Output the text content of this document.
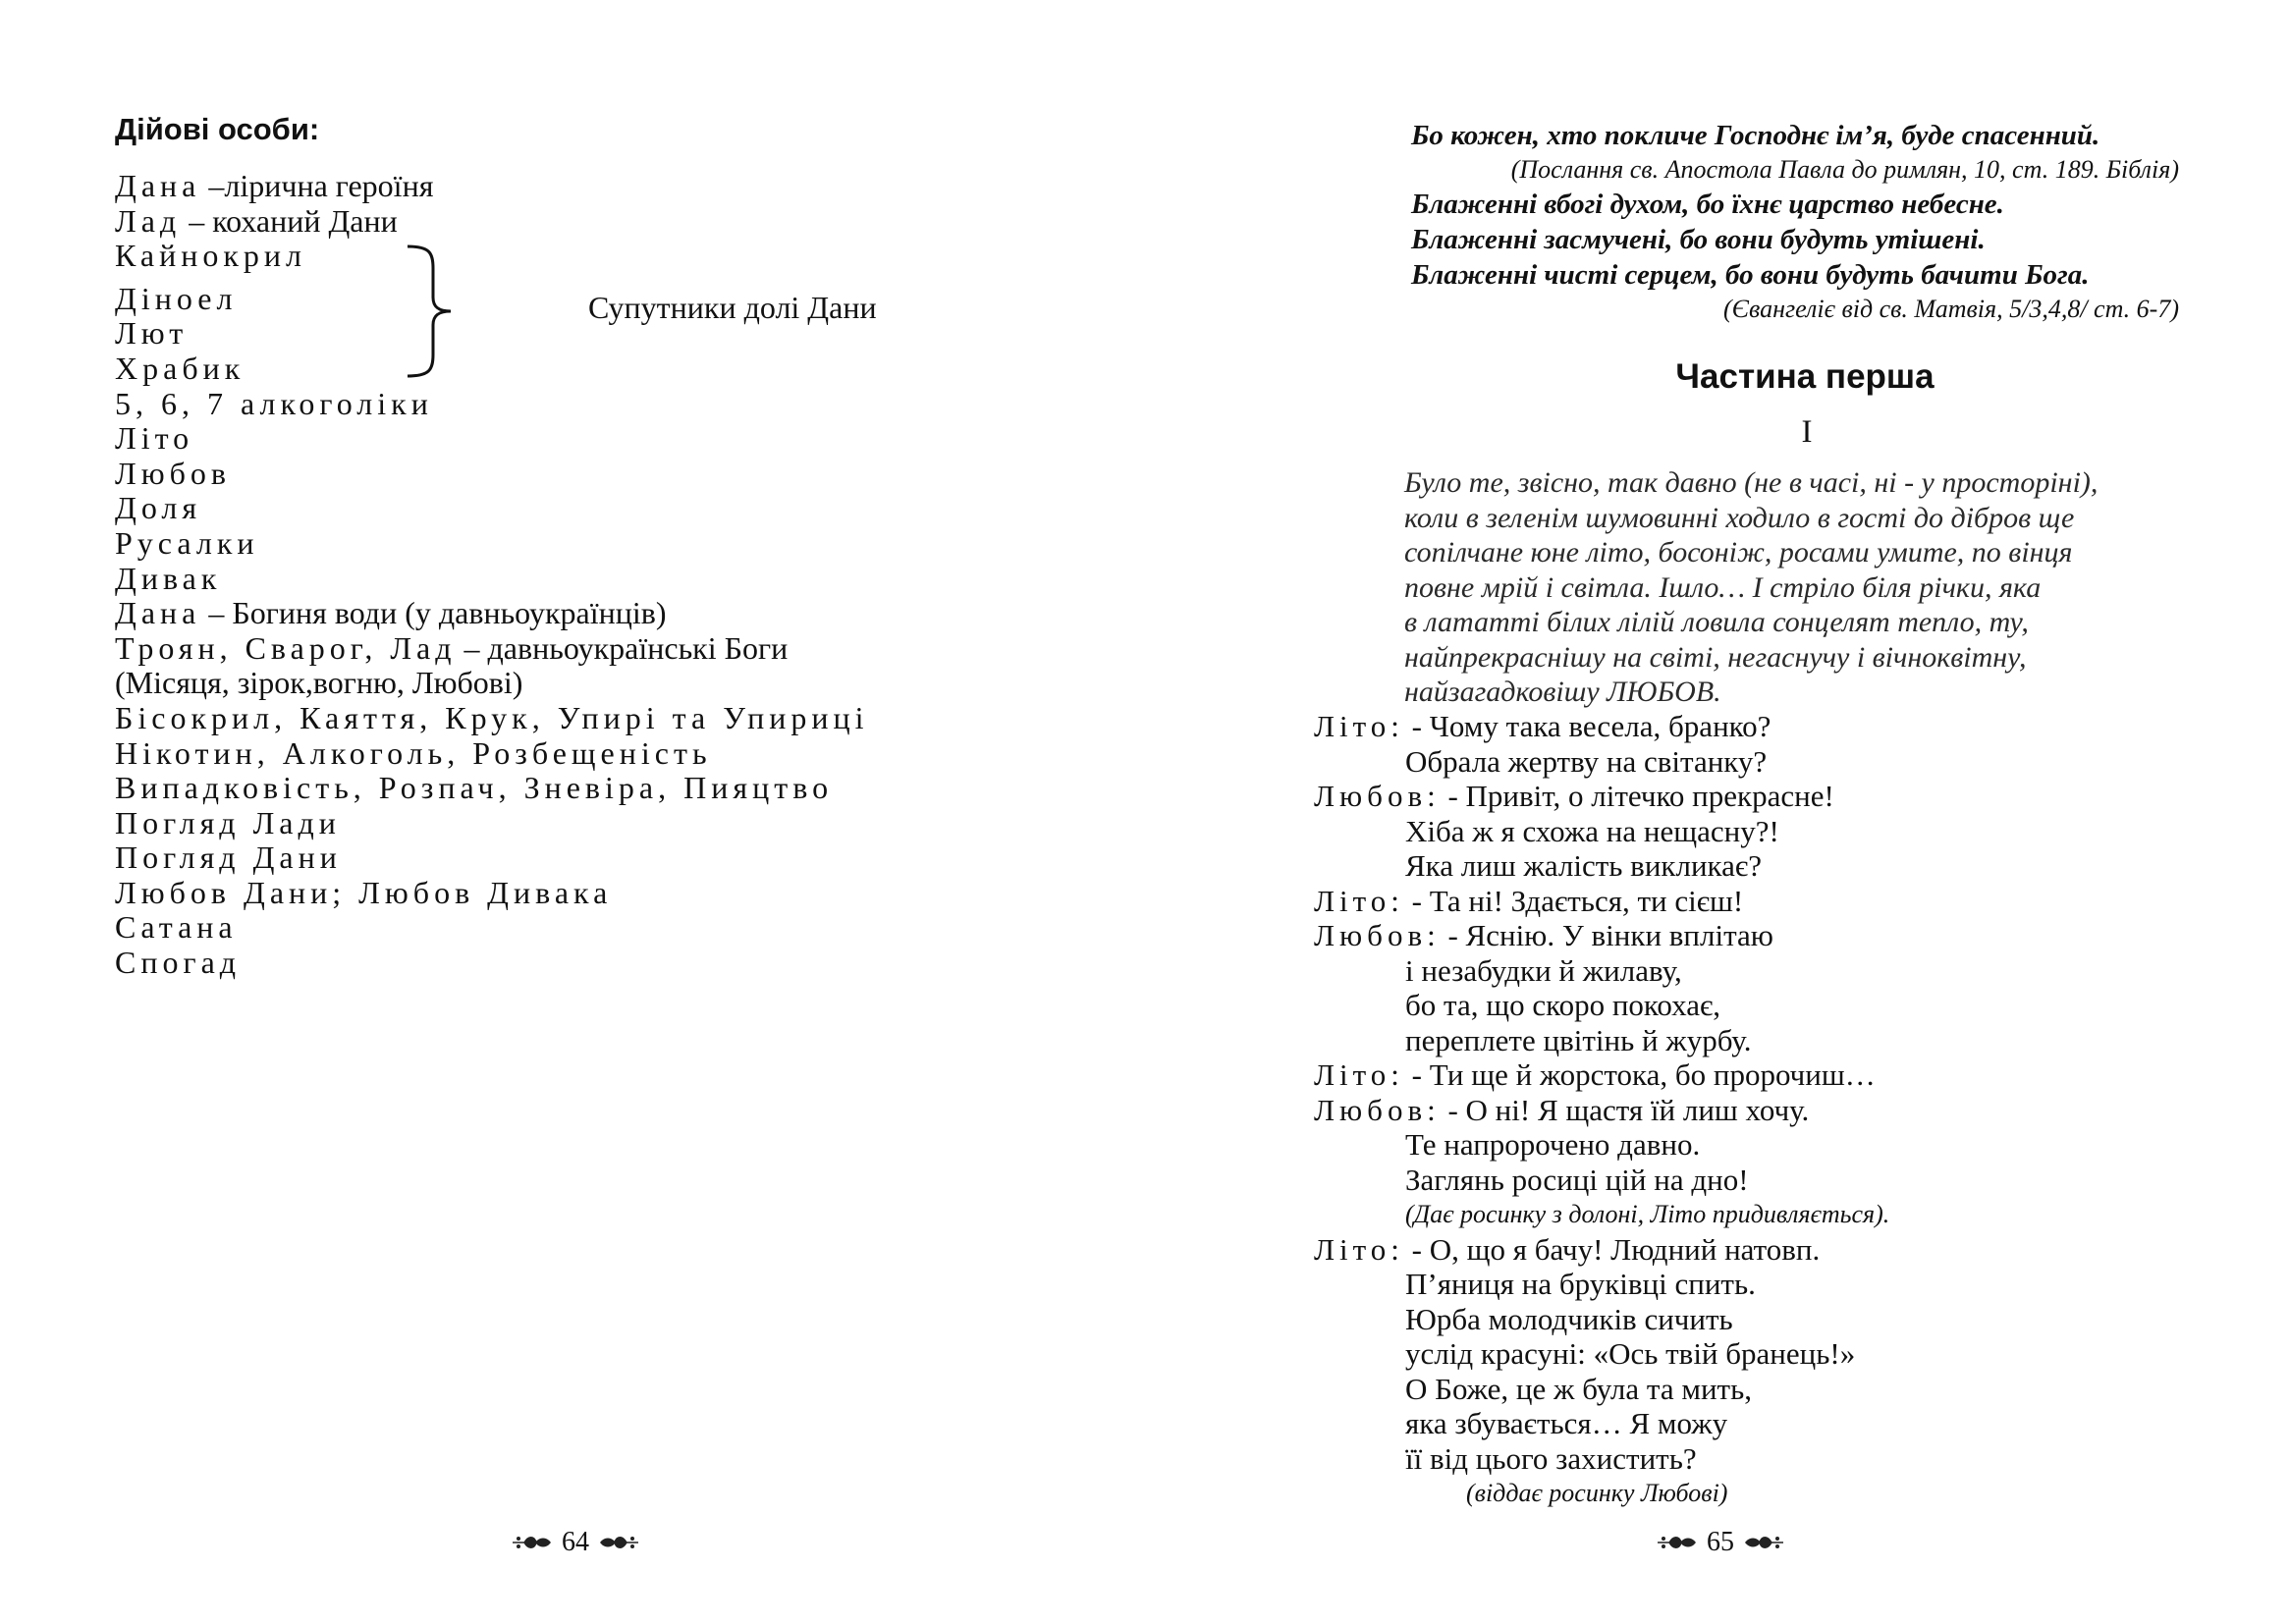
Дійові особи:
Дана –лірична героїня
Лад – коханий Дани
Кайнокрил
Діноел
Лют
Храбик
Супутники долі Дани
5, 6, 7 алкоголіки
Літо
Любов
Доля
Русалки
Дивак
Дана – Богиня води (у давньоукраїнців)
Троян, Сварог, Лад – давньоукраїнські Боги
(Місяця, зірок,вогню, Любові)
Бісокрил, Каяття, Крук, Упирі та Упириці
Нікотин, Алкоголь, Розбещеність
Випадковість, Розпач, Зневіра, Пияцтво
Погляд Лади
Погляд Дани
Любов Дани; Любов Дивака
Сатана
Спогад
64
Бо кожен, хто покличе Господнє ім’я, буде спасенний.
(Послання св. Апостола Павла до римлян, 10, ст. 189. Біблія)
Блаженні вбогі духом, бо їхнє царство небесне.
Блаженні засмучені, бо вони будуть утішені.
Блаженні чисті серцем, бо вони будуть бачити Бога.
(Євангеліє від св. Матвія, 5/3,4,8/ ст. 6-7)
Частина перша
І
Було те, звісно, так давно (не в часі, ні - у просторіні),
коли в зеленім шумовинні ходило в гості до дібров ще
сопілчане юне літо, босоніж, росами умите, по вінця
повне мрій і світла. Ішло… І стріло біля річки, яка
в лататті білих лілій ловила сонцелят тепло, ту,
найпрекраснішу на світі, негаснучу і вічноквітну,
найзагадковішу ЛЮБОВ.
Літо: - Чому така весела, бранко?
Обрала жертву на світанку?
Любов: - Привіт, о літечко прекрасне!
Хіба ж я схожа на нещасну?!
Яка лиш жалість викликає?
Літо: - Та ні! Здається, ти сієш!
Любов: - Яснію. У вінки вплітаю
і незабудки й жилаву,
бо та, що скоро покохає,
переплете цвітінь й журбу.
Літо: - Ти ще й жорстока, бо пророчиш…
Любов: - О ні! Я щастя їй лиш хочу.
Те напророчено давно.
Заглянь росиці цій на дно!
(Дає росинку з долоні, Літо придивляється).
Літо: - О, що я бачу! Людний натовп.
П’яниця на бруківці спить.
Юрба молодчиків сичить
услід красуні: «Ось твій бранець!»
О Боже, це ж була та мить,
яка збувається… Я можу
її від цього захистить?
(віддає росинку Любові)
65
